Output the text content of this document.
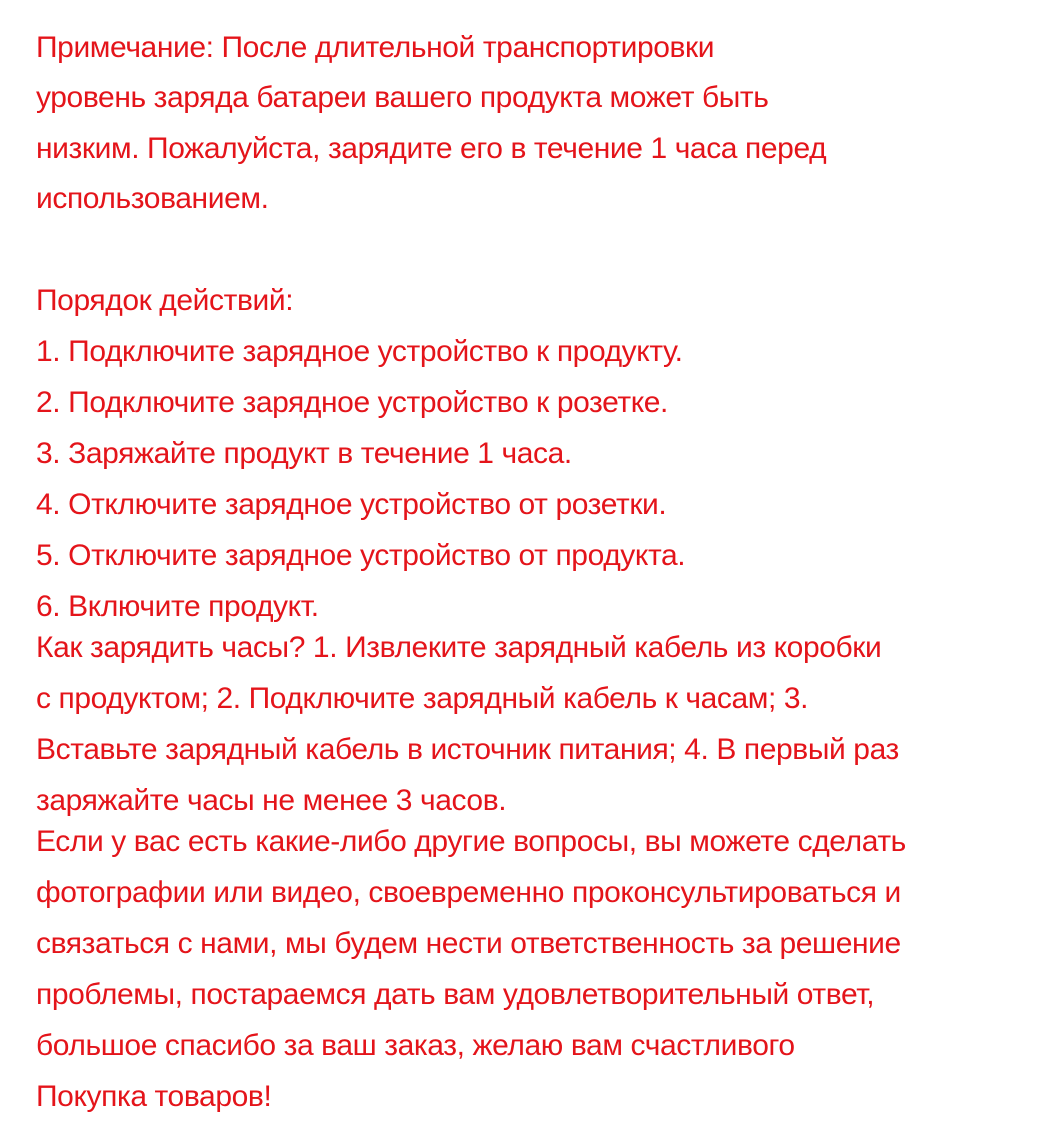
Примечание: После длительной транспортировки
уровень заряда батареи вашего продукта может быть
низким. Пожалуйста, зарядите его в течение 1 часа перед
использованием.
Порядок действий:
1. Подключите зарядное устройство к продукту.
2. Подключите зарядное устройство к розетке.
3. Заряжайте продукт в течение 1 часа.
4. Отключите зарядное устройство от розетки.
5. Отключите зарядное устройство от продукта.
6. Включите продукт.
Как зарядить часы? 1. Извлеките зарядный кабель из коробки
с продуктом; 2. Подключите зарядный кабель к часам; 3.
Вставьте зарядный кабель в источник питания; 4. В первый раз
заряжайте часы не менее 3 часов.
Если у вас есть какие-либо другие вопросы, вы можете сделать
фотографии или видео, своевременно проконсультироваться и
связаться с нами, мы будем нести ответственность за решение
проблемы, постараемся дать вам удовлетворительный ответ,
большое спасибо за ваш заказ, желаю вам счастливого
Покупка товаров!
